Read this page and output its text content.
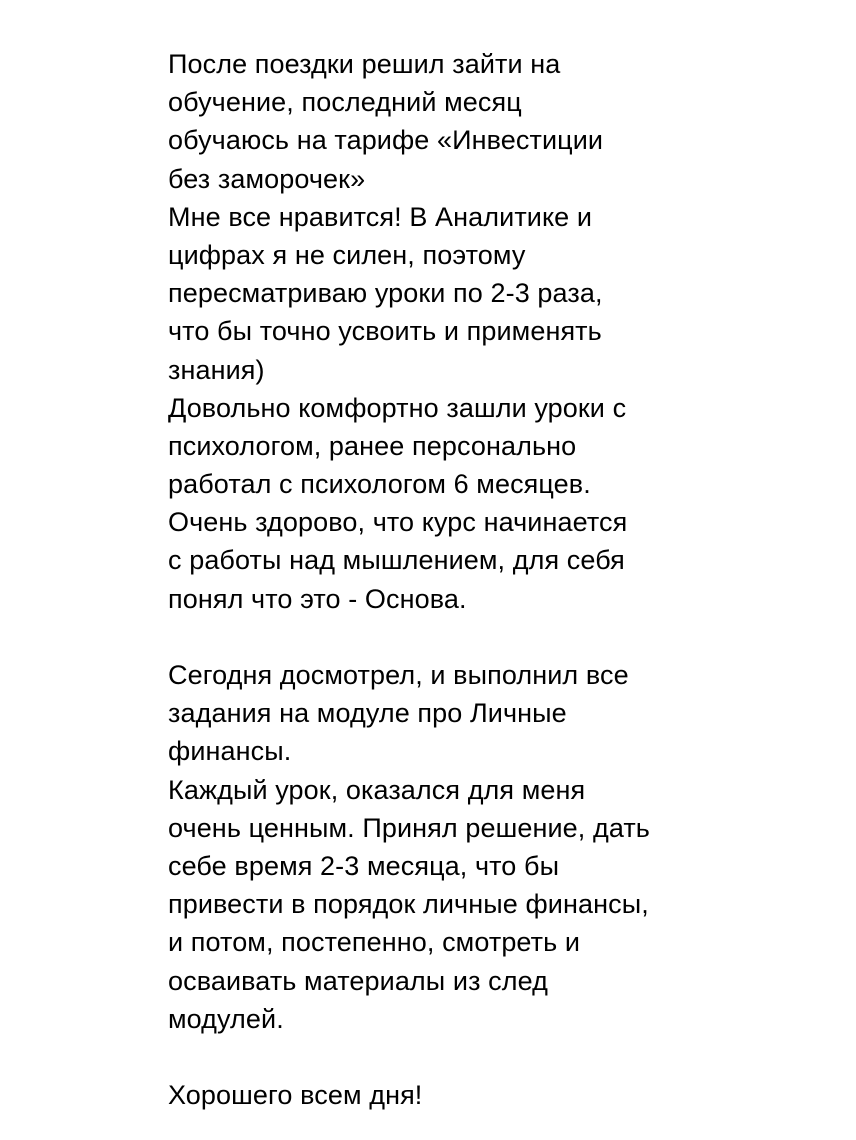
После поездки решил зайти на
обучение, последний месяц
обучаюсь на тарифе «Инвестиции
без заморочек»
Мне все нравится! В Аналитике и
цифрах я не силен, поэтому
пересматриваю уроки по 2-3 раза,
что бы точно усвоить и применять
знания)
Довольно комфортно зашли уроки с
психологом, ранее персонально
работал с психологом 6 месяцев.
Очень здорово, что курс начинается
с работы над мышлением, для себя
понял что это - Основа.
Сегодня досмотрел, и выполнил все
задания на модуле про Личные
финансы.
Каждый урок, оказался для меня
очень ценным. Принял решение, дать
себе время 2-3 месяца, что бы
привести в порядок личные финансы,
и потом, постепенно, смотреть и
осваивать материалы из след
модулей.
Хорошего всем дня!
